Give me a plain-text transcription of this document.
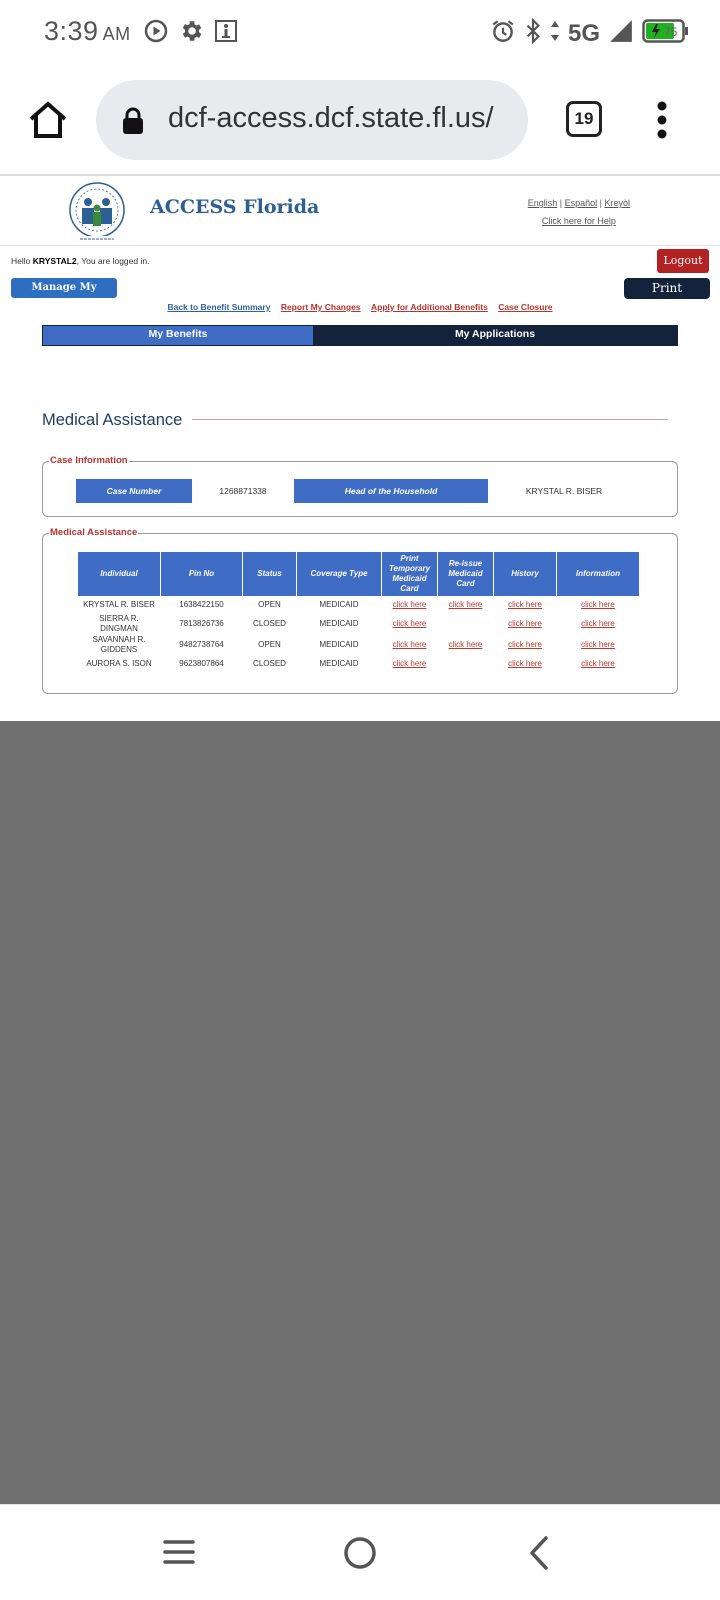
3:39 AM	5G	75
dcf-access.dcf.state.fl.us/	19
ACCESS Florida	English | Español | Kreyòl
Click here for Help
Hello KRYSTAL2, You are logged in.	Logout
Manage My Account
Print
Back to Benefit Summary Report My Changes Apply for Additional Benefits Case Closure
My Benefits	My Applications
Medical Assistance
Case Information
Case Number	1268871338	Head of the Household	KRYSTAL R. BISER
Medical Assistance
Individual	Pin No	Status	Coverage Type	Print Temporary Medicaid Card	Re-issue Medicaid Card	History	Information
KRYSTAL R. BISER	1638422150	OPEN	MEDICAID	click here	click here	click here	click here
SIERRA R. DINGMAN	7813826736	CLOSED	MEDICAID	click here		click here	click here
SAVANNAH R. GIDDENS	9482738764	OPEN	MEDICAID	click here	click here	click here	click here
AURORA S. ISON	9623807864	CLOSED	MEDICAID	click here		click here	click here
